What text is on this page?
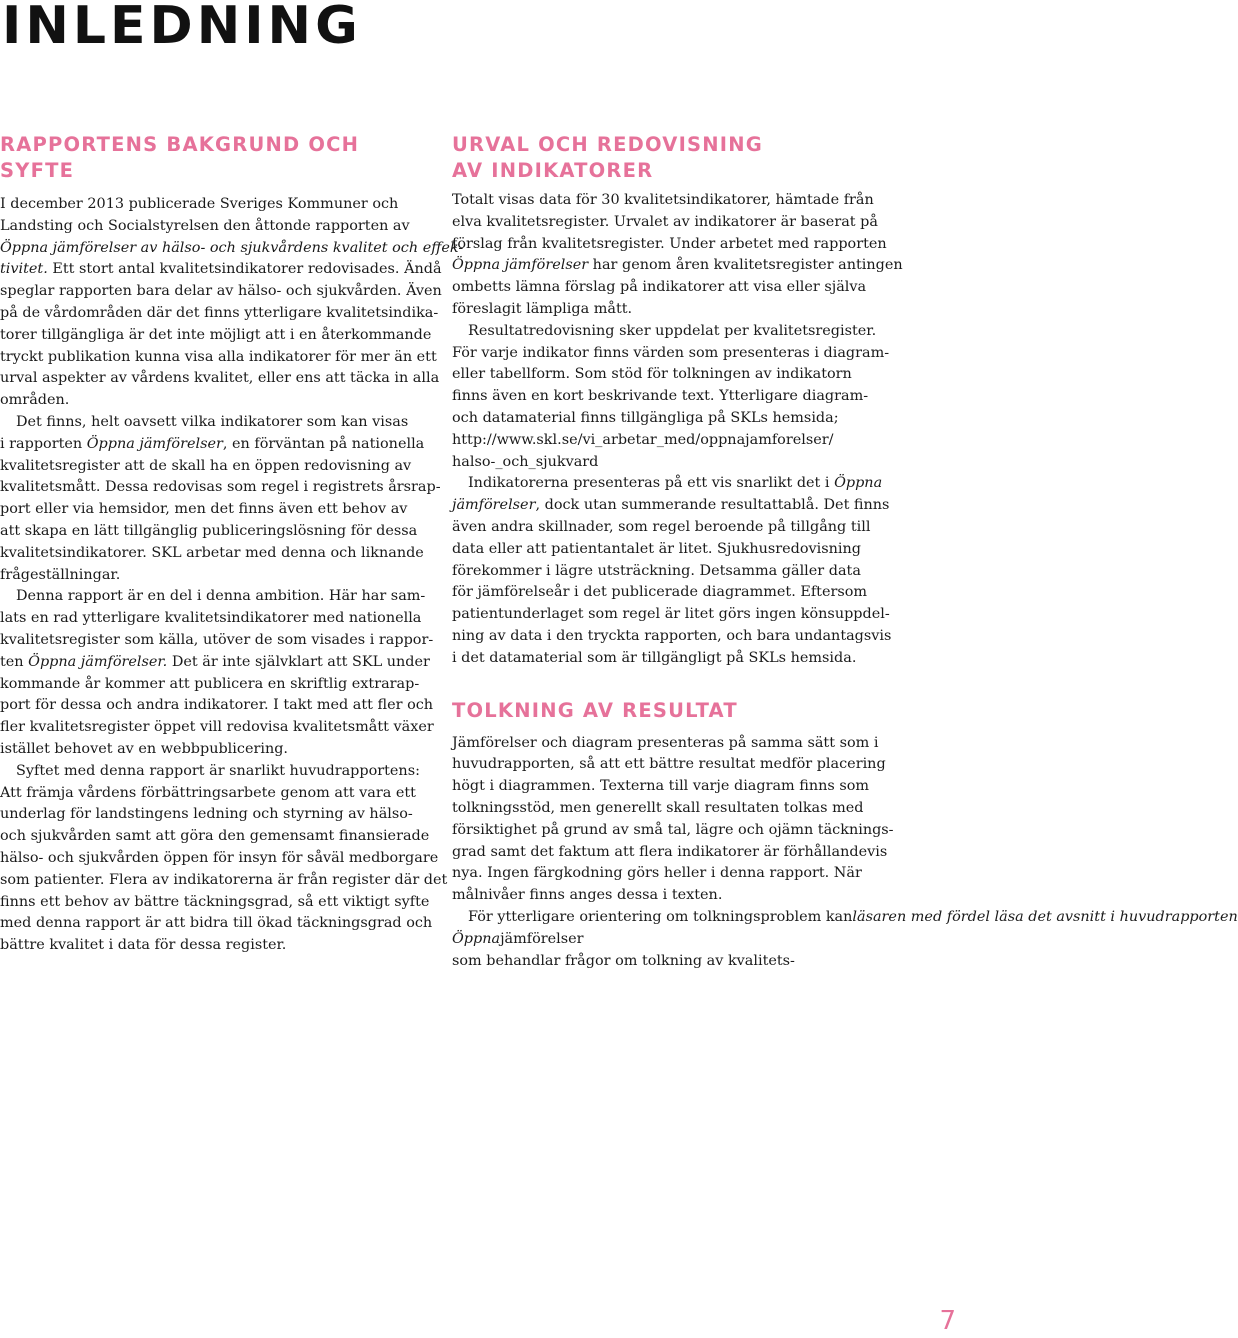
INLEDNING
RAPPORTENS BAKGRUND OCH SYFTE

I december 2013 publicerade Sveriges Kommuner och
Landsting och Socialstyrelsen den åttonde rapporten av
Öppna jämförelser av hälso- och sjukvårdens kvalitet och effek-
tivitet. Ett stort antal kvalitetsindikatorer redovisades. Ändå
speglar rapporten bara delar av hälso- och sjukvården. Även
på de vårdområden där det finns ytterligare kvalitetsindika-
torer tillgängliga är det inte möjligt att i en återkommande
tryckt publikation kunna visa alla indikatorer för mer än ett
urval aspekter av vårdens kvalitet, eller ens att täcka in alla
områden.

Det finns, helt oavsett vilka indikatorer som kan visas
i rapporten Öppna jämförelser, en förväntan på nationella
kvalitetsregister att de skall ha en öppen redovisning av
kvalitetsmått. Dessa redovisas som regel i registrets årsrap-
port eller via hemsidor, men det finns även ett behov av
att skapa en lätt tillgänglig publiceringslösning för dessa
kvalitetsindikatorer. SKL arbetar med denna och liknande
frågeställningar.

Denna rapport är en del i denna ambition. Här har sam-
lats en rad ytterligare kvalitetsindikatorer med nationella
kvalitetsregister som källa, utöver de som visades i rappor-
ten Öppna jämförelser. Det är inte självklart att SKL under
kommande år kommer att publicera en skriftlig extrarap-
port för dessa och andra indikatorer. I takt med att fler och
fler kvalitetsregister öppet vill redovisa kvalitetsmått växer
istället behovet av en webbpublicering.

Syftet med denna rapport är snarlikt huvudrapportens:
Att främja vårdens förbättringsarbete genom att vara ett
underlag för landstingens ledning och styrning av hälso-
och sjukvården samt att göra den gemensamt finansierade
hälso- och sjukvården öppen för insyn för såväl medborgare
som patienter. Flera av indikatorerna är från register där det
finns ett behov av bättre täckningsgrad, så ett viktigt syfte
med denna rapport är att bidra till ökad täckningsgrad och
bättre kvalitet i data för dessa register.

URVAL OCH REDOVISNING
AV INDIKATORER

Totalt visas data för 30 kvalitetsindikatorer, hämtade från
elva kvalitetsregister. Urvalet av indikatorer är baserat på
förslag från kvalitetsregister. Under arbetet med rapporten
Öppna jämförelser har genom åren kvalitetsregister antingen
ombetts lämna förslag på indikatorer att visa eller själva
föreslagit lämpliga mått.

Resultatredovisning sker uppdelat per kvalitetsregister.
För varje indikator finns värden som presenteras i diagram-
eller tabellform. Som stöd för tolkningen av indikatorn
finns även en kort beskrivande text. Ytterligare diagram-
och datamaterial finns tillgängliga på SKLs hemsida;
http://www.skl.se/vi_arbetar_med/oppnajamforelser/
halso-_och_sjukvard

Indikatorerna presenteras på ett vis snarlikt det i Öppna
jämförelser, dock utan summerande resultattablå. Det finns
även andra skillnader, som regel beroende på tillgång till
data eller att patientantalet är litet. Sjukhusredovisning
förekommer i lägre utsträckning. Detsamma gäller data
för jämförelseår i det publicerade diagrammet. Eftersom
patientunderlaget som regel är litet görs ingen könsuppdel-
ning av data i den tryckta rapporten, och bara undantagsvis
i det datamaterial som är tillgängligt på SKLs hemsida.

TOLKNING AV RESULTAT

Jämförelser och diagram presenteras på samma sätt som i
huvudrapporten, så att ett bättre resultat medför placering
högt i diagrammen. Texterna till varje diagram finns som
tolkningsstöd, men generellt skall resultaten tolkas med
försiktighet på grund av små tal, lägre och ojämn täcknings-
grad samt det faktum att flera indikatorer är förhållandevis
nya. Ingen färgkodning görs heller i denna rapport. När
målnivåer finns anges dessa i texten.

För ytterligare orientering om tolkningsproblem kanläsaren med fördel läsa det avsnitt i huvudrapporten
Öppnajämförelser
som behandlar frågor om tolkning av kvalitets-

7
